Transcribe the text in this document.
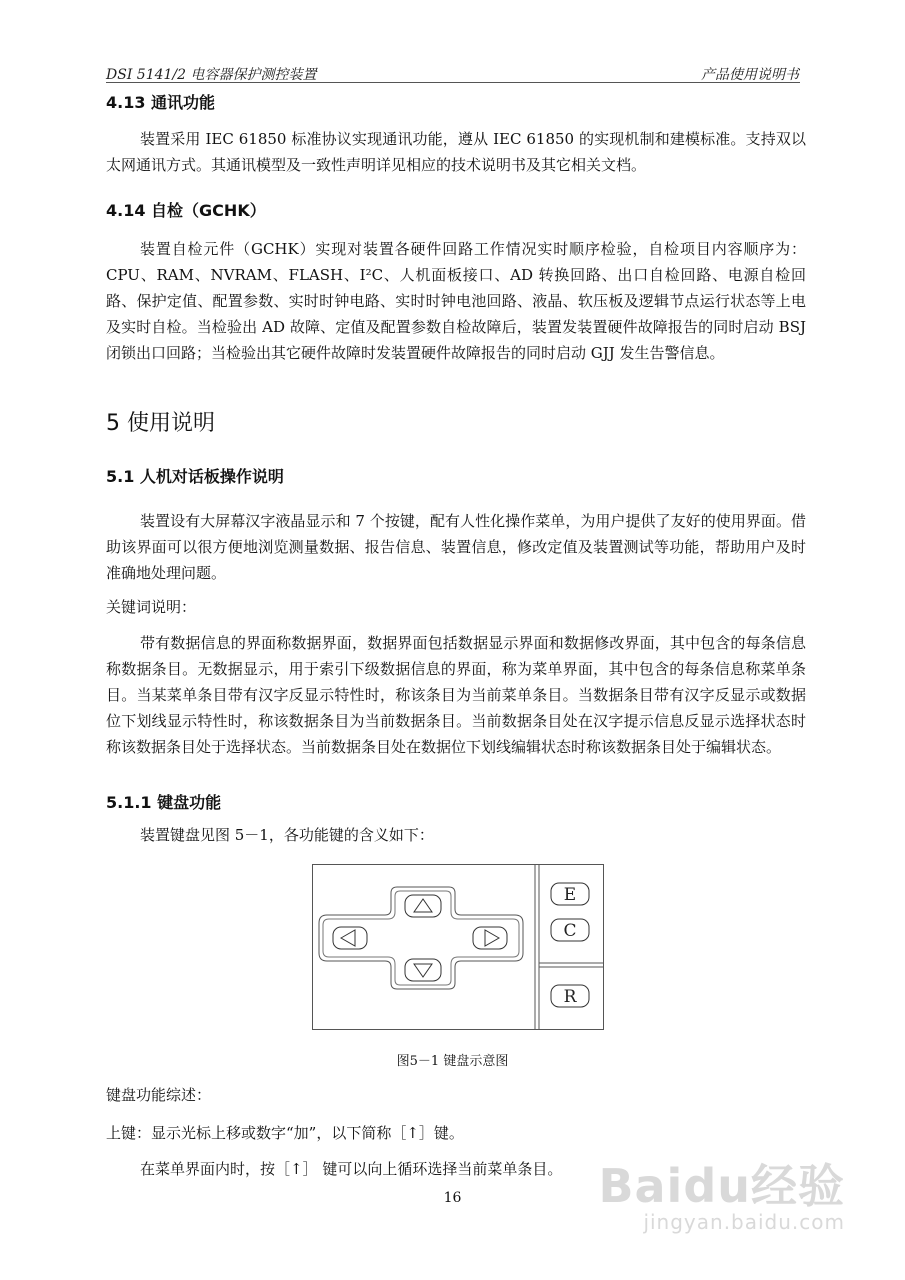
DSI 5141/2 电容器保护测控装置	产品使用说明书
4.13 通讯功能
装置采用 IEC 61850 标准协议实现通讯功能，遵从 IEC 61850 的实现机制和建模标准。支持双以太网通讯方式。其通讯模型及一致性声明详见相应的技术说明书及其它相关文档。
4.14 自检（GCHK）
装置自检元件（GCHK）实现对装置各硬件回路工作情况实时顺序检验，自检项目内容顺序为：CPU、RAM、NVRAM、FLASH、I²C、人机面板接口、AD 转换回路、出口自检回路、电源自检回路、保护定值、配置参数、实时时钟电路、实时时钟电池回路、液晶、软压板及逻辑节点运行状态等上电及实时自检。当检验出 AD 故障、定值及配置参数自检故障后，装置发装置硬件故障报告的同时启动 BSJ 闭锁出口回路；当检验出其它硬件故障时发装置硬件故障报告的同时启动 GJJ 发生告警信息。
5 使用说明
5.1 人机对话板操作说明
装置设有大屏幕汉字液晶显示和 7 个按键，配有人性化操作菜单，为用户提供了友好的使用界面。借助该界面可以很方便地浏览测量数据、报告信息、装置信息，修改定值及装置测试等功能，帮助用户及时准确地处理问题。
关键词说明：
带有数据信息的界面称数据界面，数据界面包括数据显示界面和数据修改界面，其中包含的每条信息称数据条目。无数据显示，用于索引下级数据信息的界面，称为菜单界面，其中包含的每条信息称菜单条目。当某菜单条目带有汉字反显示特性时，称该条目为当前菜单条目。当数据条目带有汉字反显示或数据位下划线显示特性时，称该数据条目为当前数据条目。当前数据条目处在汉字提示信息反显示选择状态时称该数据条目处于选择状态。当前数据条目处在数据位下划线编辑状态时称该数据条目处于编辑状态。
5.1.1 键盘功能
装置键盘见图 5－1，各功能键的含义如下：
E
C
R
图5－1 键盘示意图
键盘功能综述：
上键：显示光标上移或数字“加”，以下简称［↑］键。
在菜单界面内时，按［↑］ 键可以向上循环选择当前菜单条目。
16	Baidu经验
jingyan.baidu.com
